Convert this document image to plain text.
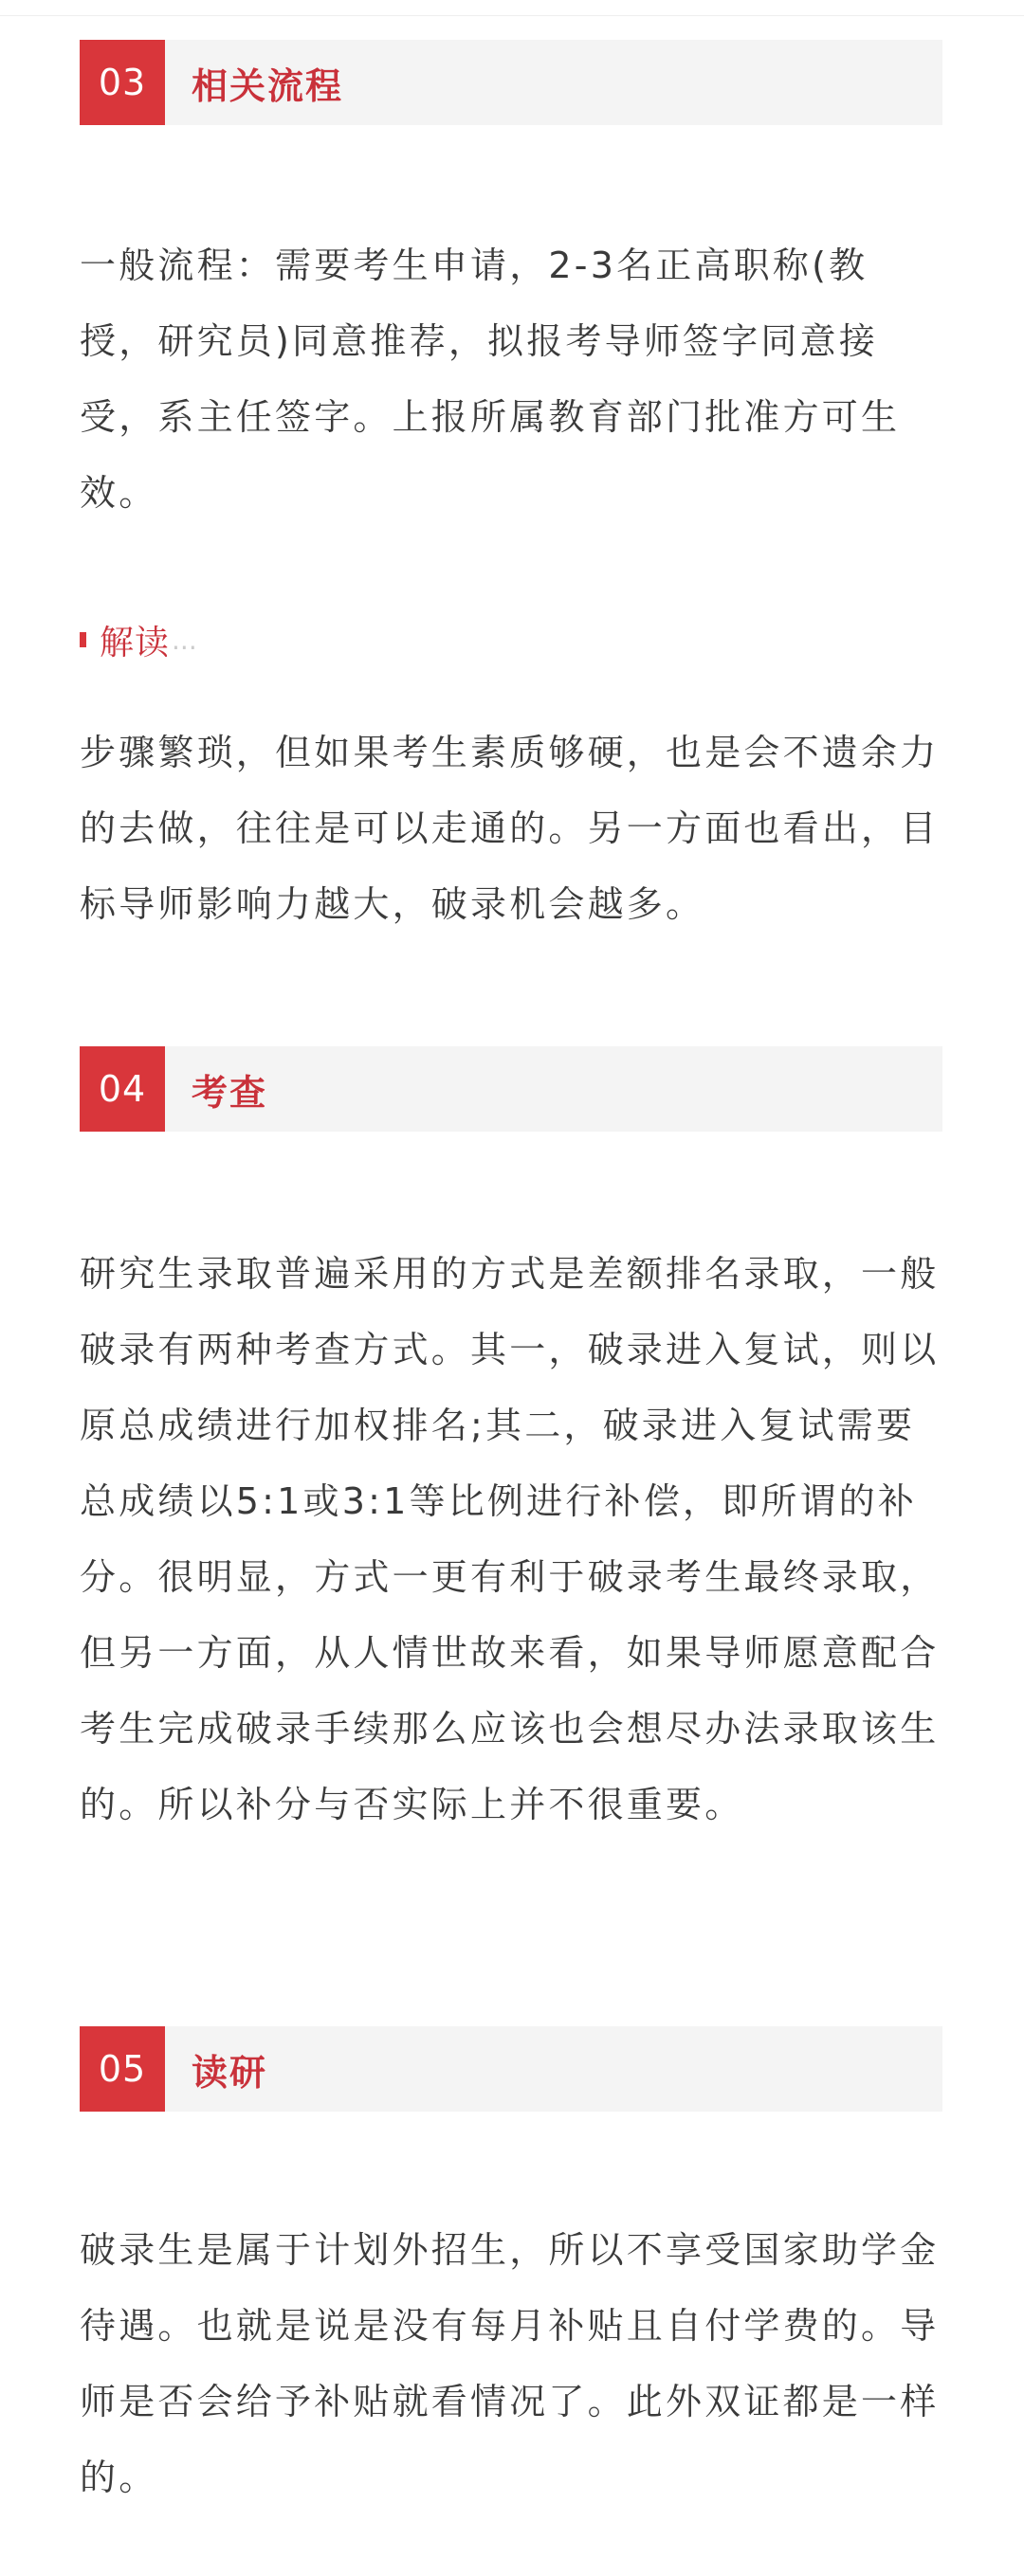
03	相关流程

一般流程：需要考生申请，2-3名正高职称(教授，研究员)同意推荐，拟报考导师签字同意接受，系主任签字。上报所属教育部门批准方可生效。

解读 ...

步骤繁琐，但如果考生素质够硬，也是会不遗余力的去做，往往是可以走通的。另一方面也看出，目标导师影响力越大，破录机会越多。

04	考查

研究生录取普遍采用的方式是差额排名录取，一般破录有两种考查方式。其一，破录进入复试，则以原总成绩进行加权排名;其二，破录进入复试需要总成绩以5:1或3:1等比例进行补偿，即所谓的补分。很明显，方式一更有利于破录考生最终录取，但另一方面，从人情世故来看，如果导师愿意配合考生完成破录手续那么应该也会想尽办法录取该生的。所以补分与否实际上并不很重要。

05	读研

破录生是属于计划外招生，所以不享受国家助学金待遇。也就是说是没有每月补贴且自付学费的。导师是否会给予补贴就看情况了。此外双证都是一样的。
